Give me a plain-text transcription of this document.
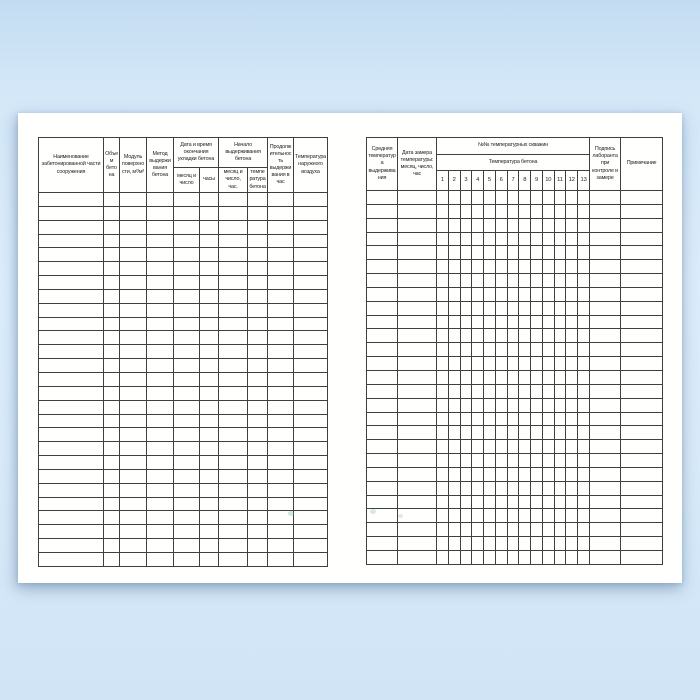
Наименование забетонированной части сооружения	Объем бетона	Модуль поверхности, м²/м³	Метод выдерживания бетона	Дата и время окончания укладки бетона		Начало выдерживания бетона		Продолжительность выдерживания в час	Температура наружного воздуха
				месяц и число	часы	месяц и число, час.	температура бетона		

Средняя температура выдерживания	Дата замера температуры: месяц, число, час	№№ температурных скважин													Подпись лаборанта при контроле и замере	Примечание
		Температура бетона														
		1	2	3	4	5	6	7	8	9	10	11	12	13		
